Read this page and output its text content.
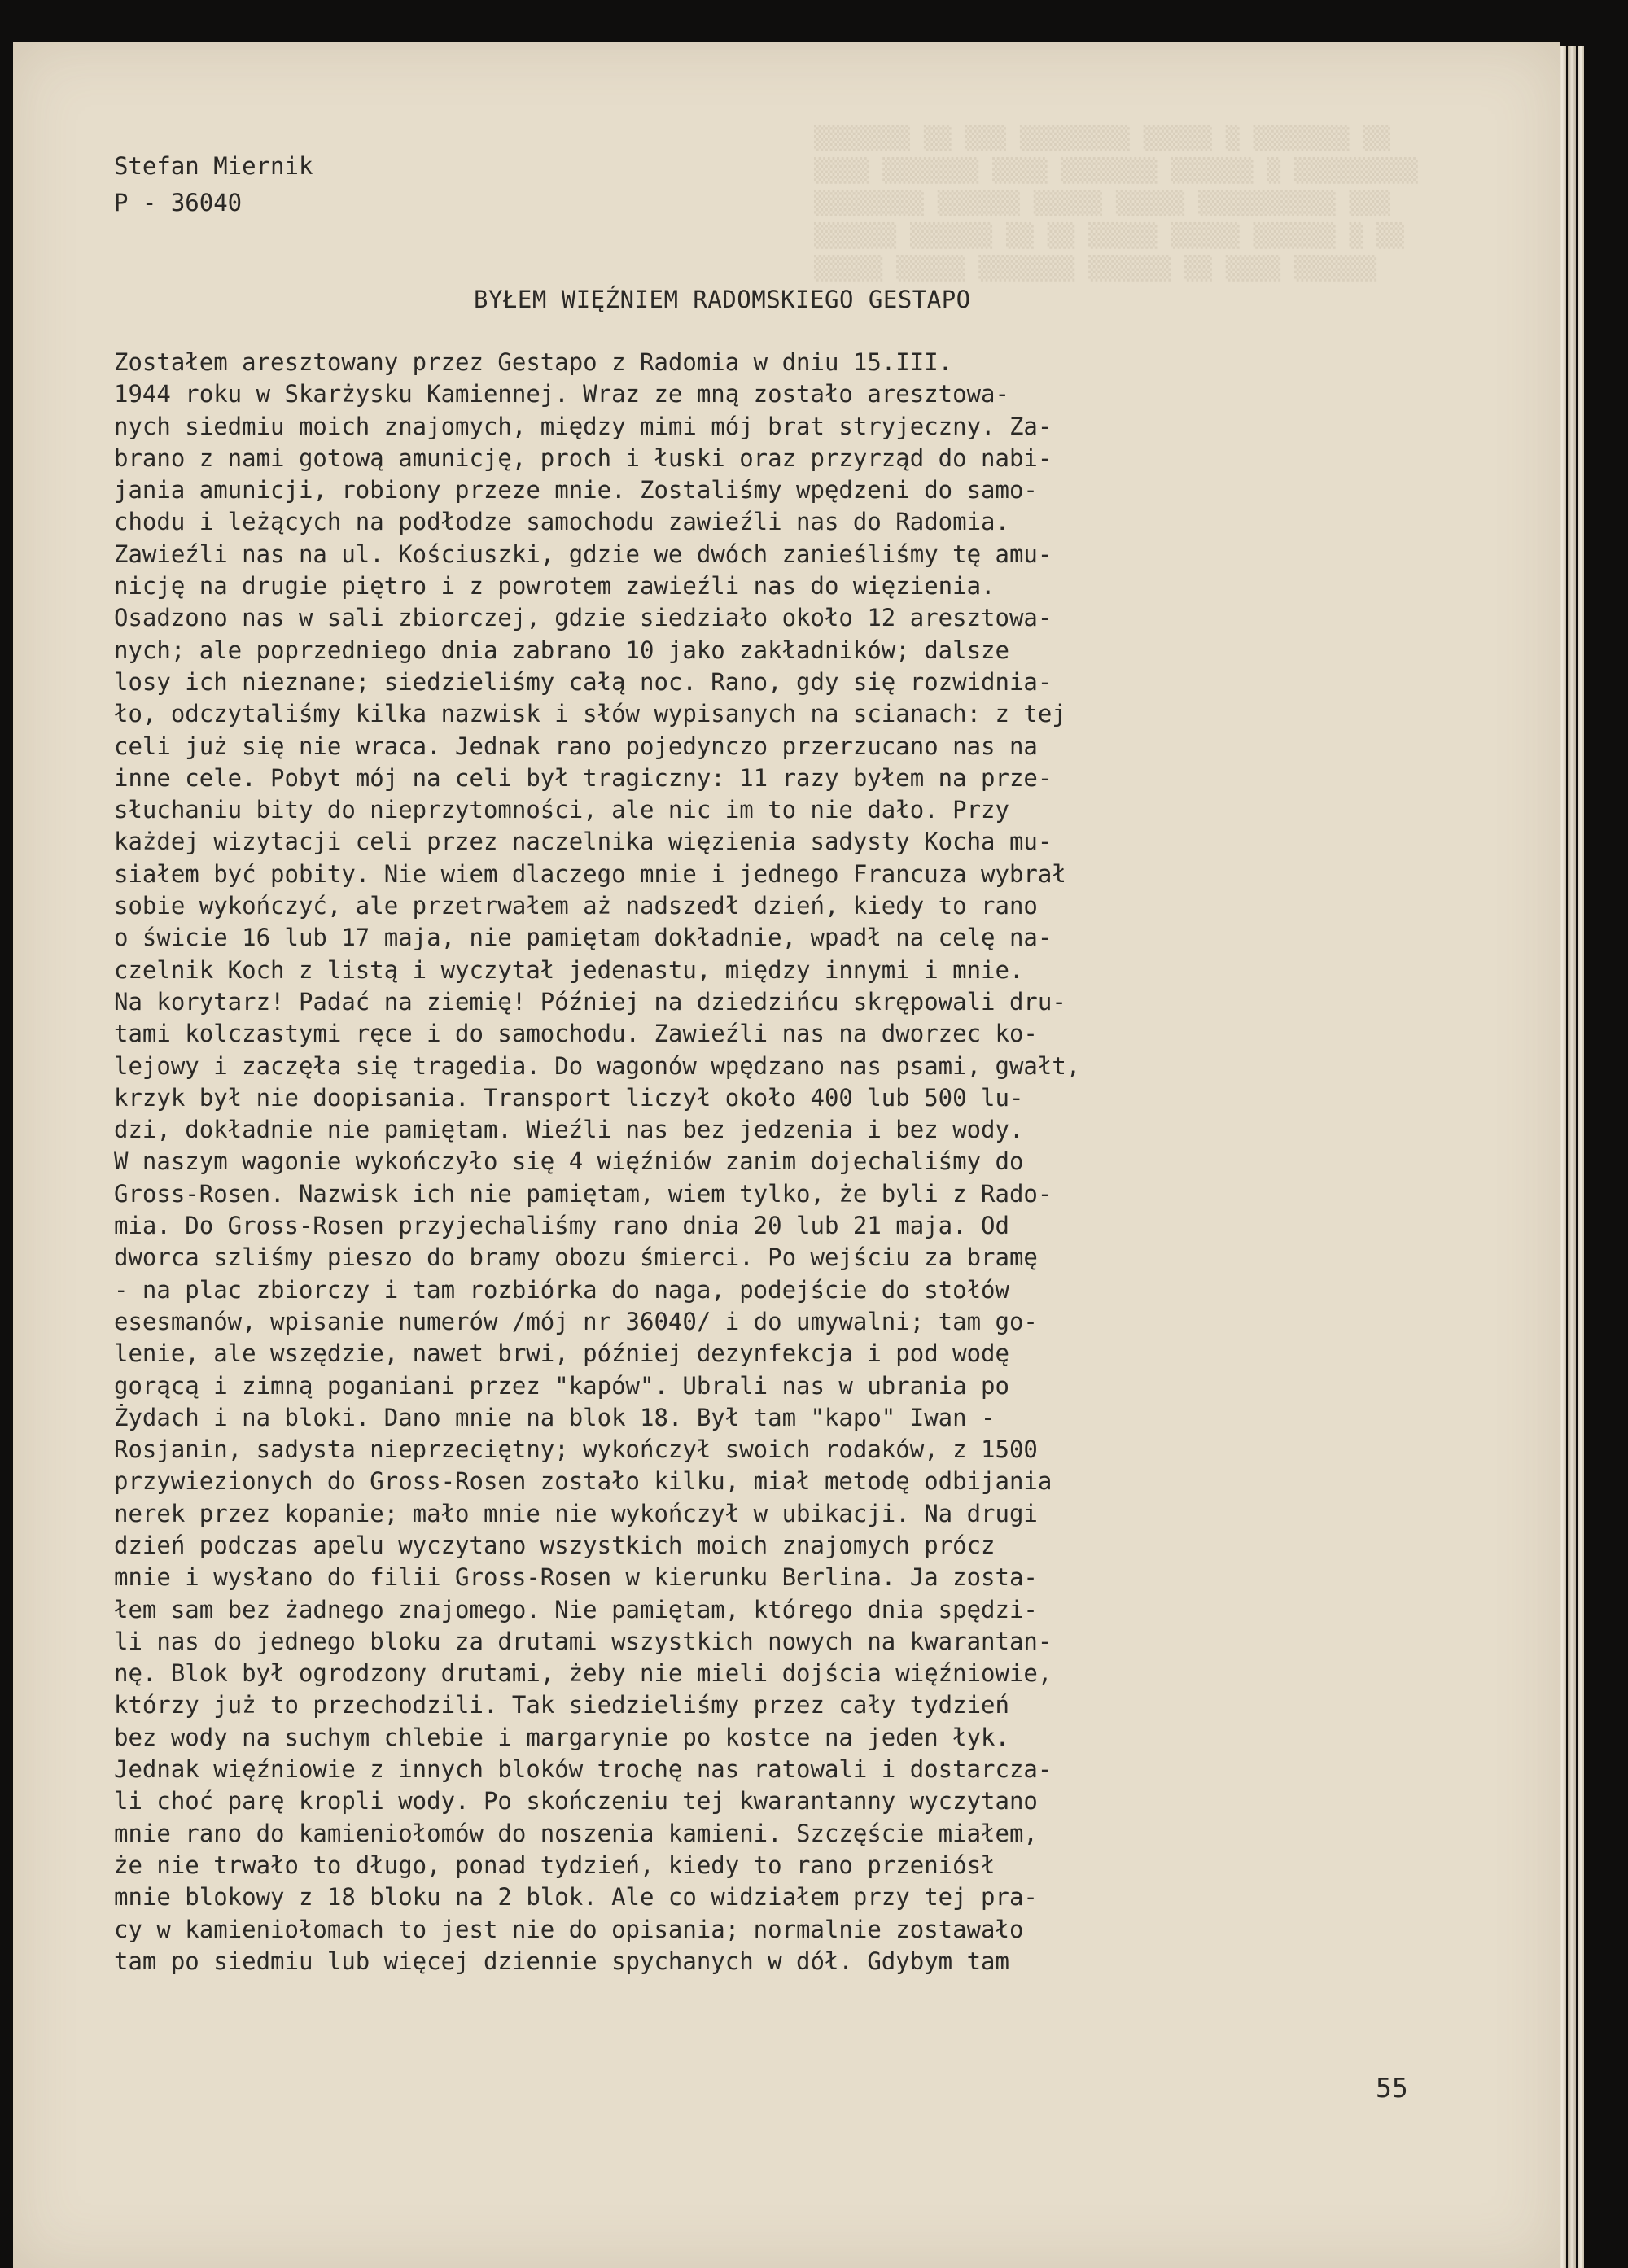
Stefan Miernik
P - 36040
BYŁEM WIĘŹNIEM RADOMSKIEGO GESTAPO
Zostałem aresztowany przez Gestapo z Radomia w dniu 15.III.
1944 roku w Skarżysku Kamiennej. Wraz ze mną zostało aresztowa-
nych siedmiu moich znajomych, między mimi mój brat stryjeczny. Za-
brano z nami gotową amunicję, proch i łuski oraz przyrząd do nabi-
jania amunicji, robiony przeze mnie. Zostaliśmy wpędzeni do samo-
chodu i leżących na podłodze samochodu zawieźli nas do Radomia.
Zawieźli nas na ul. Kościuszki, gdzie we dwóch zanieśliśmy tę amu-
nicję na drugie piętro i z powrotem zawieźli nas do więzienia.
Osadzono nas w sali zbiorczej, gdzie siedziało około 12 aresztowa-
nych; ale poprzedniego dnia zabrano 10 jako zakładników; dalsze
losy ich nieznane; siedzieliśmy całą noc. Rano, gdy się rozwidnia-
ło, odczytaliśmy kilka nazwisk i słów wypisanych na scianach: z tej
celi już się nie wraca. Jednak rano pojedynczo przerzucano nas na
inne cele. Pobyt mój na celi był tragiczny: 11 razy byłem na prze-
słuchaniu bity do nieprzytomności, ale nic im to nie dało. Przy
każdej wizytacji celi przez naczelnika więzienia sadysty Kocha mu-
siałem być pobity. Nie wiem dlaczego mnie i jednego Francuza wybrał
sobie wykończyć, ale przetrwałem aż nadszedł dzień, kiedy to rano
o świcie 16 lub 17 maja, nie pamiętam dokładnie, wpadł na celę na-
czelnik Koch z listą i wyczytał jedenastu, między innymi i mnie.
Na korytarz! Padać na ziemię! Później na dziedzińcu skrępowali dru-
tami kolczastymi ręce i do samochodu. Zawieźli nas na dworzec ko-
lejowy i zaczęła się tragedia. Do wagonów wpędzano nas psami, gwałt,
krzyk był nie doopisania. Transport liczył około 400 lub 500 lu-
dzi, dokładnie nie pamiętam. Wieźli nas bez jedzenia i bez wody.
W naszym wagonie wykończyło się 4 więźniów zanim dojechaliśmy do
Gross-Rosen. Nazwisk ich nie pamiętam, wiem tylko, że byli z Rado-
mia. Do Gross-Rosen przyjechaliśmy rano dnia 20 lub 21 maja. Od
dworca szliśmy pieszo do bramy obozu śmierci. Po wejściu za bramę
- na plac zbiorczy i tam rozbiórka do naga, podejście do stołów
esesmanów, wpisanie numerów /mój nr 36040/ i do umywalni; tam go-
lenie, ale wszędzie, nawet brwi, później dezynfekcja i pod wodę
gorącą i zimną poganiani przez "kapów". Ubrali nas w ubrania po
Żydach i na bloki. Dano mnie na blok 18. Był tam "kapo" Iwan -
Rosjanin, sadysta nieprzeciętny; wykończył swoich rodaków, z 1500
przywiezionych do Gross-Rosen zostało kilku, miał metodę odbijania
nerek przez kopanie; mało mnie nie wykończył w ubikacji. Na drugi
dzień podczas apelu wyczytano wszystkich moich znajomych prócz
mnie i wysłano do filii Gross-Rosen w kierunku Berlina. Ja zosta-
łem sam bez żadnego znajomego. Nie pamiętam, którego dnia spędzi-
li nas do jednego bloku za drutami wszystkich nowych na kwarantan-
nę. Blok był ogrodzony drutami, żeby nie mieli dojścia więźniowie,
którzy już to przechodzili. Tak siedzieliśmy przez cały tydzień
bez wody na suchym chlebie i margarynie po kostce na jeden łyk.
Jednak więźniowie z innych bloków trochę nas ratowali i dostarcza-
li choć parę kropli wody. Po skończeniu tej kwarantanny wyczytano
mnie rano do kamieniołomów do noszenia kamieni. Szczęście miałem,
że nie trwało to długo, ponad tydzień, kiedy to rano przeniósł
mnie blokowy z 18 bloku na 2 blok. Ale co widziałem przy tej pra-
cy w kamieniołomach to jest nie do opisania; normalnie zostawało
tam po siedmiu lub więcej dziennie spychanych w dół. Gdybym tam
55
